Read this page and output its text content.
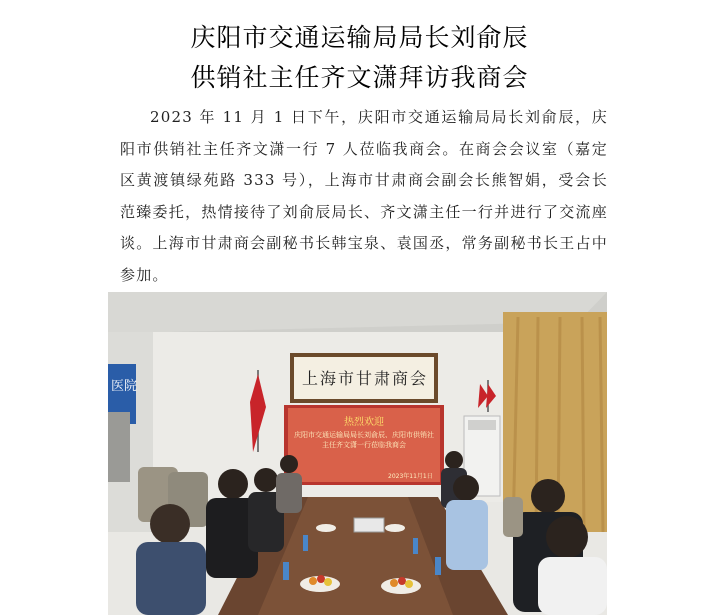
庆阳市交通运输局局长刘俞辰
供销社主任齐文潇拜访我商会

2023 年 11 月 1 日下午，庆阳市交通运输局局长刘俞辰，庆阳市供销社主任齐文潇一行 7 人莅临我商会。在商会会议室（嘉定区黄渡镇绿苑路 333 号），上海市甘肃商会副会长熊智娟，受会长范臻委托，热情接待了刘俞辰局长、齐文潇主任一行并进行了交流座谈。上海市甘肃商会副秘书长韩宝泉、袁国丞，常务副秘书长王占中参加。

医院	上海市甘肃商会
热烈欢迎
庆阳市交通运输局局长刘俞辰、庆阳市供销社主任齐文潇一行莅临我商会
2023年11月1日
